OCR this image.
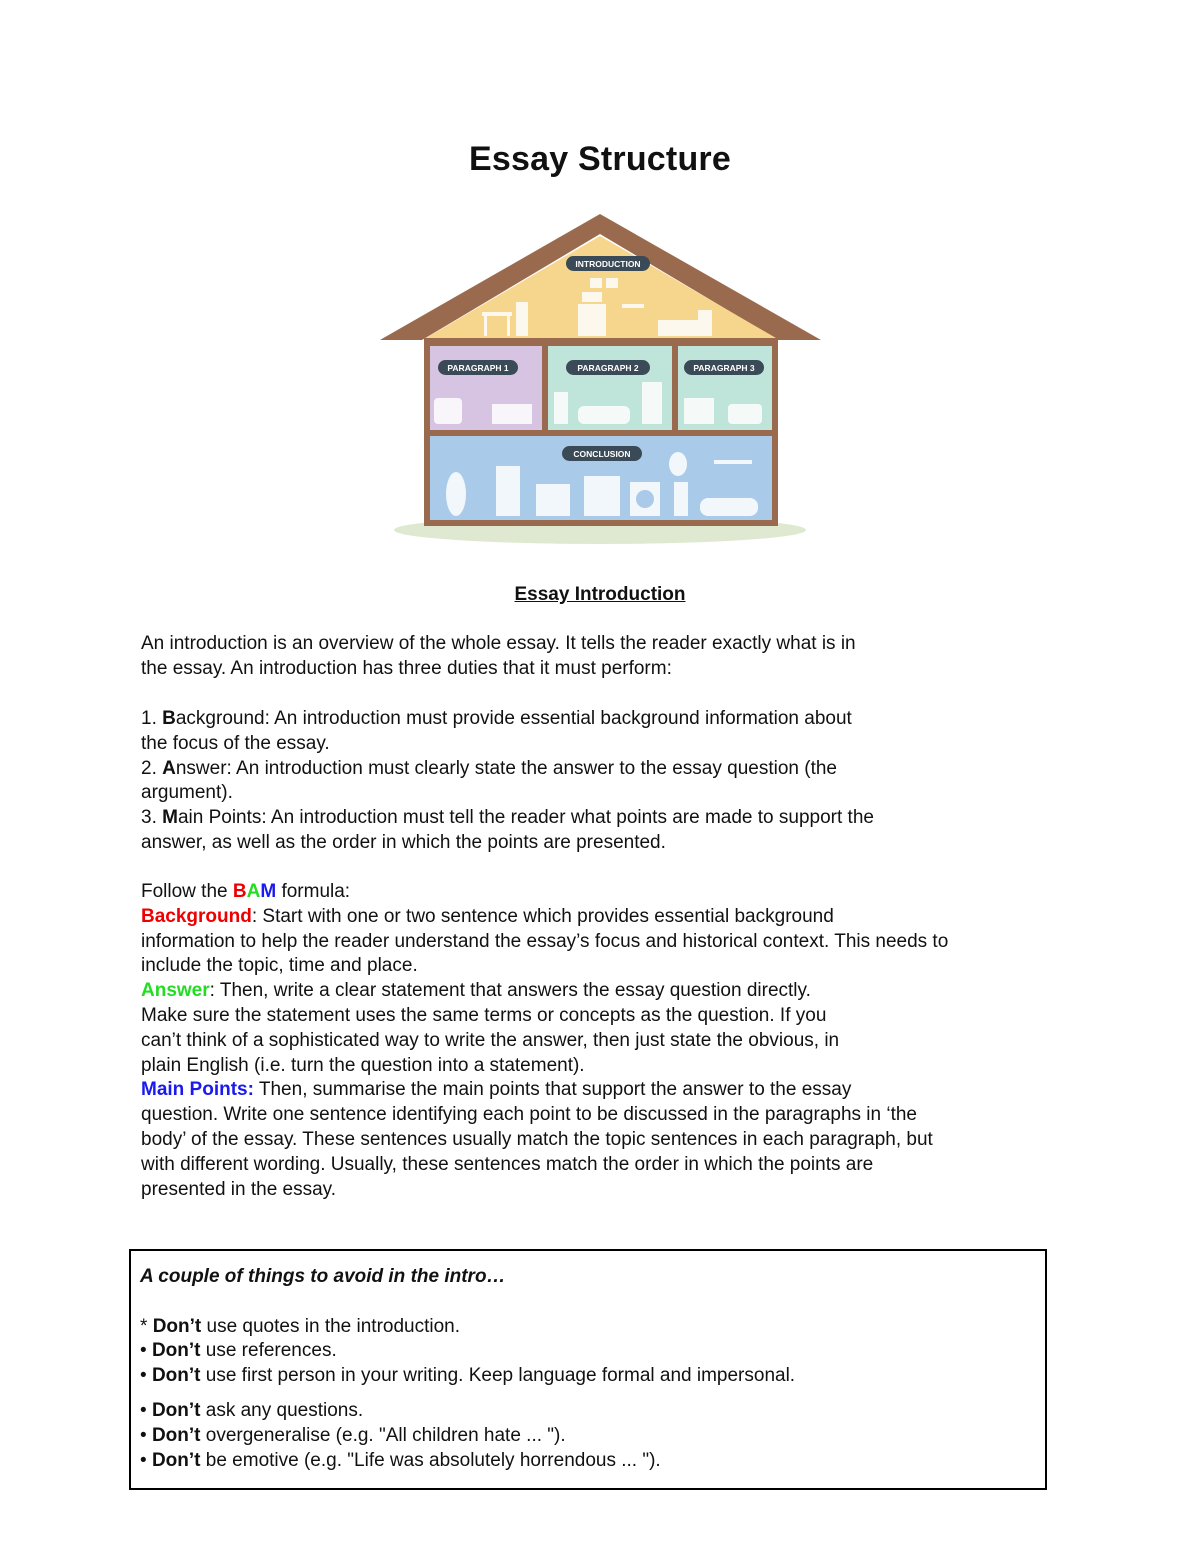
Essay Structure
INTRODUCTION
PARAGRAPH 1	PARAGRAPH 2	PARAGRAPH 3
CONCLUSION
Essay Introduction

An introduction is an overview of the whole essay. It tells the reader exactly what is in

the essay. An introduction has three duties that it must perform:

1. Background: An introduction must provide essential background information about

the focus of the essay.

2. Answer: An introduction must clearly state the answer to the essay question (the

argument).

3. Main Points: An introduction must tell the reader what points are made to support the

answer, as well as the order in which the points are presented.

Follow the BAM formula:

Background: Start with one or two sentence which provides essential background

information to help the reader understand the essay’s focus and historical context. This needs to

include the topic, time and place.

Answer: Then, write a clear statement that answers the essay question directly.

Make sure the statement uses the same terms or concepts as the question. If you

can’t think of a sophisticated way to write the answer, then just state the obvious, in

plain English (i.e. turn the question into a statement).

Main Points: Then, summarise the main points that support the answer to the essay

question. Write one sentence identifying each point to be discussed in the paragraphs in ‘the

body’ of the essay. These sentences usually match the topic sentences in each paragraph, but

with different wording. Usually, these sentences match the order in which the points are

presented in the essay.

A couple of things to avoid in the intro…

* Don’t use quotes in the introduction.

• Don’t use references.

• Don’t use first person in your writing. Keep language formal and impersonal.

• Don’t ask any questions.

• Don’t overgeneralise (e.g. "All children hate ... ").

• Don’t be emotive (e.g. "Life was absolutely horrendous ... ").
